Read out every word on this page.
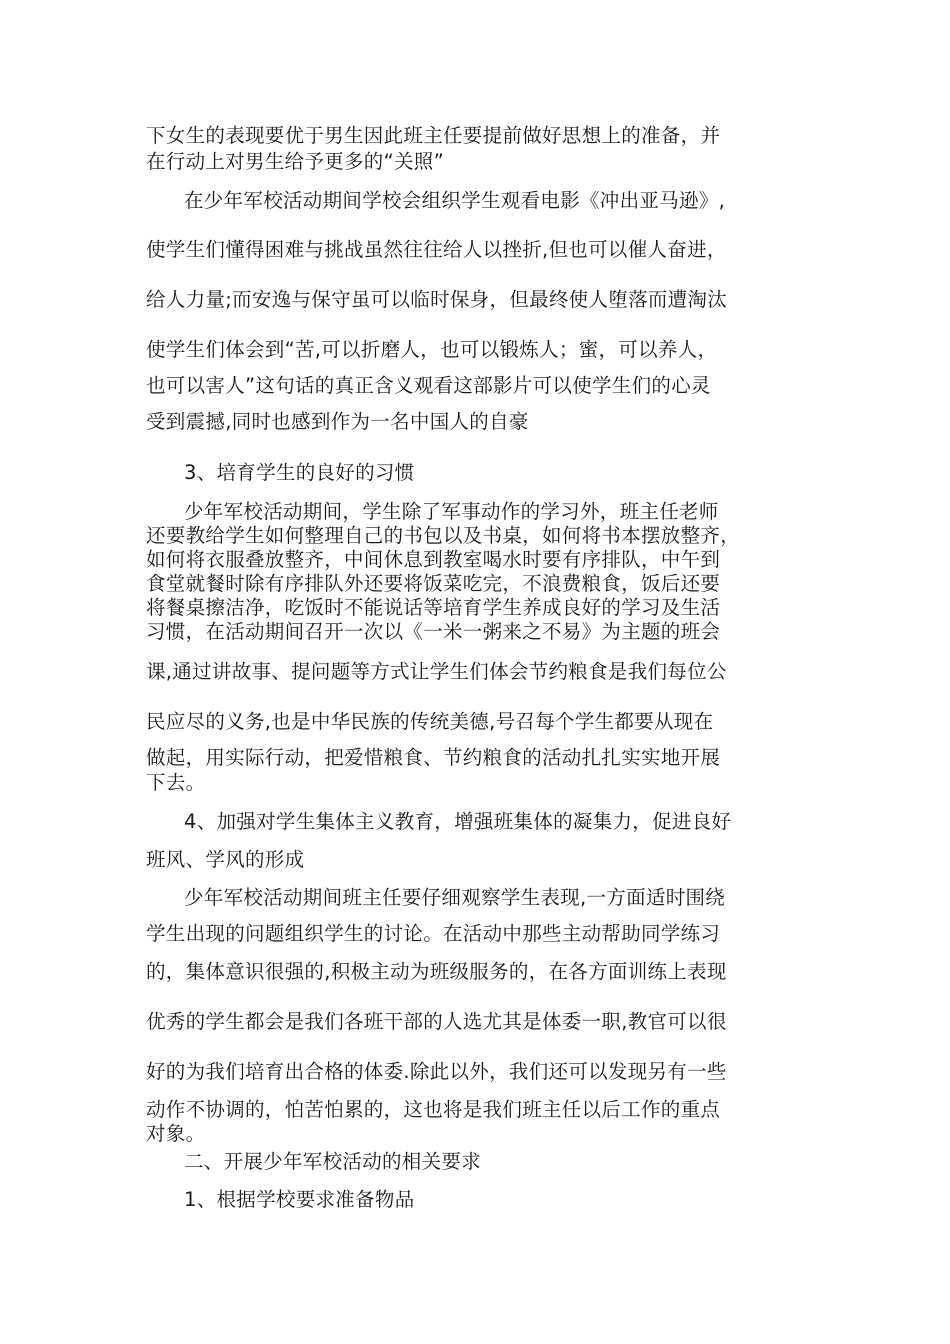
下女生的表现要优于男生因此班主任要提前做好思想上的准备，并
在行动上对男生给予更多的“关照”
在少年军校活动期间学校会组织学生观看电影《冲出亚马逊》,
使学生们懂得困难与挑战虽然往往给人以挫折,但也可以催人奋进，
给人力量;而安逸与保守虽可以临时保身，但最终使人堕落而遭淘汰
使学生们体会到“苦,可以折磨人，也可以锻炼人；蜜，可以养人，
也可以害人”这句话的真正含义观看这部影片可以使学生们的心灵
受到震撼,同时也感到作为一名中国人的自豪
3、培育学生的良好的习惯
少年军校活动期间，学生除了军事动作的学习外，班主任老师
还要教给学生如何整理自己的书包以及书桌，如何将书本摆放整齐，
如何将衣服叠放整齐，中间休息到教室喝水时要有序排队，中午到
食堂就餐时除有序排队外还要将饭菜吃完，不浪费粮食，饭后还要
将餐桌擦洁净，吃饭时不能说话等培育学生养成良好的学习及生活
习惯，在活动期间召开一次以《一米一粥来之不易》为主题的班会
课,通过讲故事、提问题等方式让学生们体会节约粮食是我们每位公
民应尽的义务,也是中华民族的传统美德,号召每个学生都要从现在
做起，用实际行动，把爱惜粮食、节约粮食的活动扎扎实实地开展
下去。
4、加强对学生集体主义教育，增强班集体的凝集力，促进良好
班风、学风的形成
少年军校活动期间班主任要仔细观察学生表现,一方面适时围绕
学生出现的问题组织学生的讨论。在活动中那些主动帮助同学练习
的，集体意识很强的,积极主动为班级服务的，在各方面训练上表现
优秀的学生都会是我们各班干部的人选尤其是体委一职,教官可以很
好的为我们培育出合格的体委.除此以外，我们还可以发现另有一些
动作不协调的，怕苦怕累的，这也将是我们班主任以后工作的重点
对象。
二、开展少年军校活动的相关要求
1、根据学校要求准备物品
